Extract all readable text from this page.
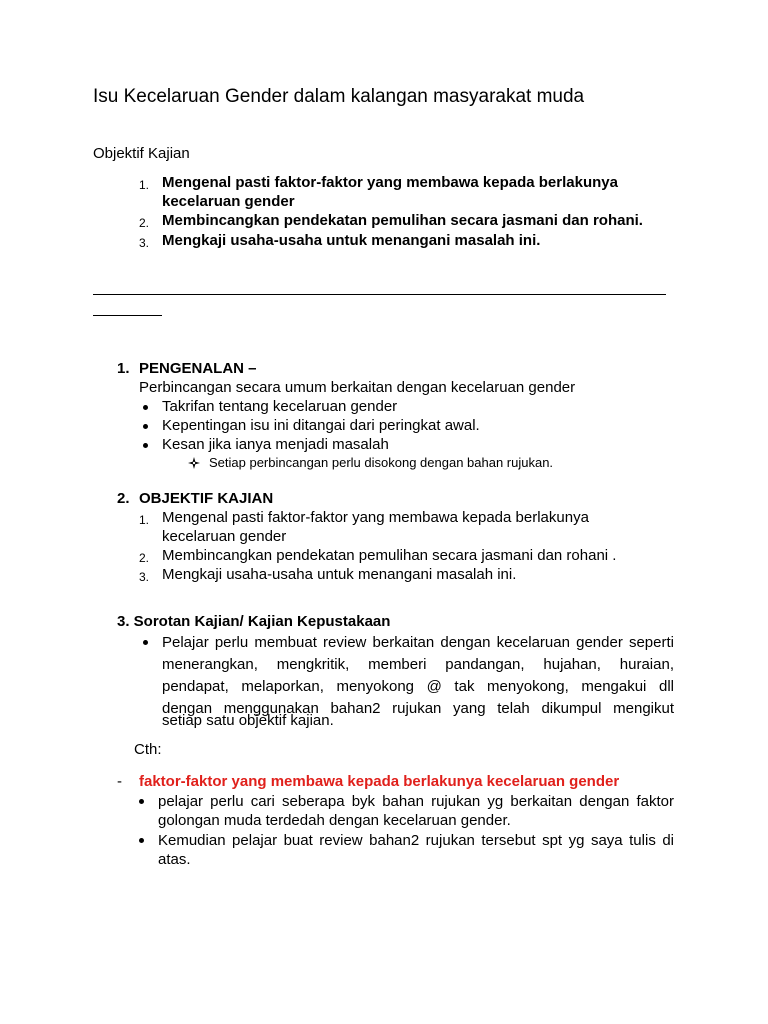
Isu Kecelaruan Gender dalam kalangan masyarakat muda
Objektif Kajian
1. Mengenal pasti faktor-faktor yang membawa kepada berlakunya
kecelaruan gender
2. Membincangkan pendekatan pemulihan secara jasmani dan rohani.
3. Mengkaji usaha-usaha untuk menangani masalah ini.
1. PENGENALAN –
Perbincangan secara umum berkaitan dengan kecelaruan gender
Takrifan tentang kecelaruan gender
Kepentingan isu ini ditangai dari peringkat awal.
Kesan jika ianya menjadi masalah
Setiap perbincangan perlu disokong dengan bahan rujukan.
2. OBJEKTIF KAJIAN
1. Mengenal pasti faktor-faktor yang membawa kepada berlakunya
kecelaruan gender
2. Membincangkan pendekatan pemulihan secara jasmani dan rohani .
3. Mengkaji usaha-usaha untuk menangani masalah ini.
3. Sorotan Kajian/ Kajian Kepustakaan
Pelajar perlu membuat review berkaitan dengan kecelaruan gender seperti
menerangkan, mengkritik, memberi pandangan, hujahan, huraian,
pendapat, melaporkan, menyokong @ tak menyokong, mengakui dll
dengan menggunakan bahan2 rujukan yang telah dikumpul mengikut
setiap satu objektif kajian.
Cth:
- faktor-faktor yang membawa kepada berlakunya kecelaruan gender
pelajar perlu cari seberapa byk bahan rujukan yg berkaitan dengan faktor
golongan muda terdedah dengan kecelaruan gender.
Kemudian pelajar buat review bahan2 rujukan tersebut spt yg saya tulis di
atas.
